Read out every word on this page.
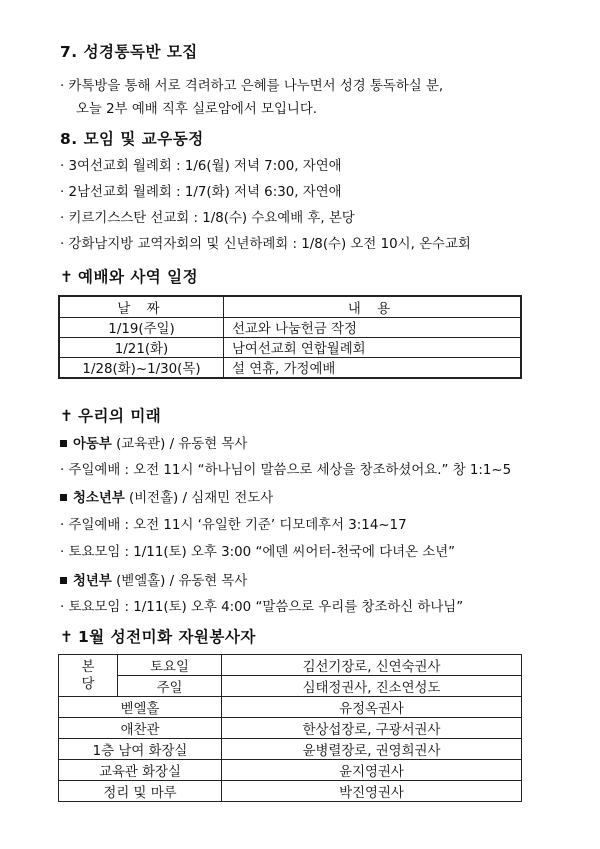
7. 성경통독반 모집
· 카톡방을 통해 서로 격려하고 은혜를 나누면서 성경 통독하실 분,
오늘 2부 예배 직후 실로암에서 모입니다.
8. 모임 및 교우동정
· 3여선교회 월례회 : 1/6(월) 저녁 7:00, 자연애
· 2남선교회 월례회 : 1/7(화) 저녁 6:30, 자연애
· 키르기스스탄 선교회 : 1/8(수) 수요예배 후, 본당
· 강화남지방 교역자회의 및 신년하례회 : 1/8(수) 오전 10시, 온수교회
✝ 예배와 사역 일정
날 짜	내 용
1/19(주일)	선교와 나눔헌금 작정
1/21(화)	남여선교회 연합월례회
1/28(화)~1/30(목)	설 연휴, 가정예배
✝ 우리의 미래
아동부 (교육관) / 유동현 목사
· 주일예배 : 오전 11시 “하나님이 말씀으로 세상을 창조하셨어요.” 창 1:1~5
청소년부 (비전홀) / 심재민 전도사
· 주일예배 : 오전 11시 ‘유일한 기준’ 디모데후서 3:14~17
· 토요모임 : 1/11(토) 오후 3:00 “에덴 씨어터-천국에 다녀온 소년”
청년부 (벧엘홀) / 유동현 목사
· 토요모임 : 1/11(토) 오후 4:00 “말씀으로 우리를 창조하신 하나님”
✝ 1월 성전미화 자원봉사자
본
당	토요일	김선기장로, 신연숙권사
	주일	심태정권사, 진소연성도
벧엘홀		유정옥권사
애찬관		한상섭장로, 구광서권사
1층 남여 화장실		윤병렬장로, 권영희권사
교육관 화장실		윤지영권사
정리 및 마루		박진영권사
